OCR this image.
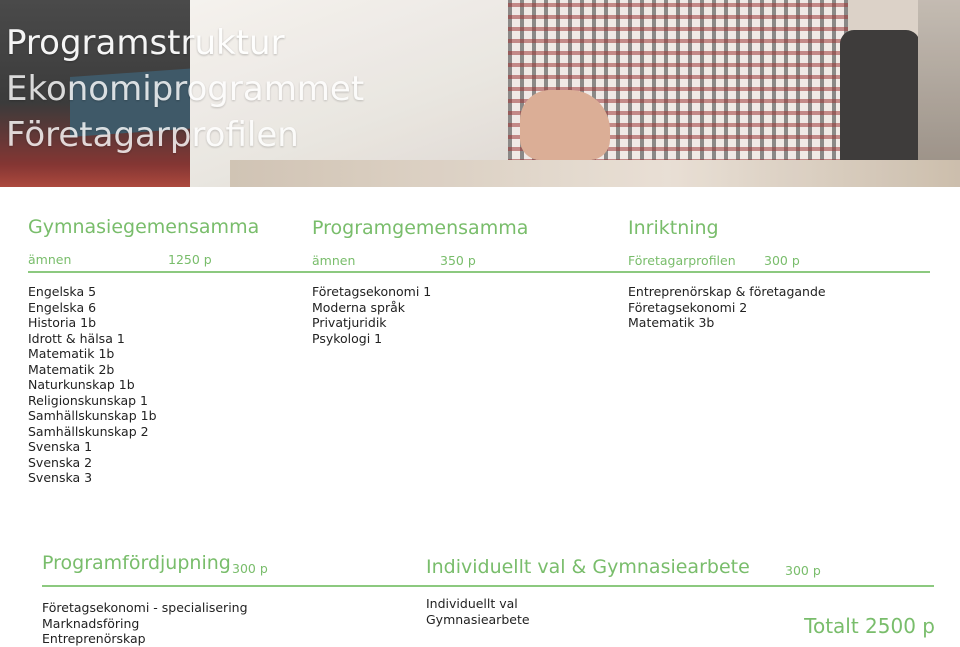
Programstruktur
Ekonomiprogrammet
Företagarprofilen
Gymnasiegemensamma
ämnen	1250 p
Engelska 5
Engelska 6
Historia 1b
Idrott & hälsa 1
Matematik 1b
Matematik 2b
Naturkunskap 1b
Religionskunskap 1
Samhällskunskap 1b
Samhällskunskap 2
Svenska 1
Svenska 2
Svenska 3
Programgemensamma
ämnen	350 p
Företagsekonomi 1
Moderna språk
Privatjuridik
Psykologi 1
Inriktning
Företagarprofilen 300 p
Entreprenörskap & företagande
Företagsekonomi 2
Matematik 3b
Programfördjupning 300 p
Företagsekonomi - specialisering
Marknadsföring
Entreprenörskap
Individuellt val & Gymnasiearbete	300 p
Individuellt val
Gymnasiearbete	Totalt 2500 p
